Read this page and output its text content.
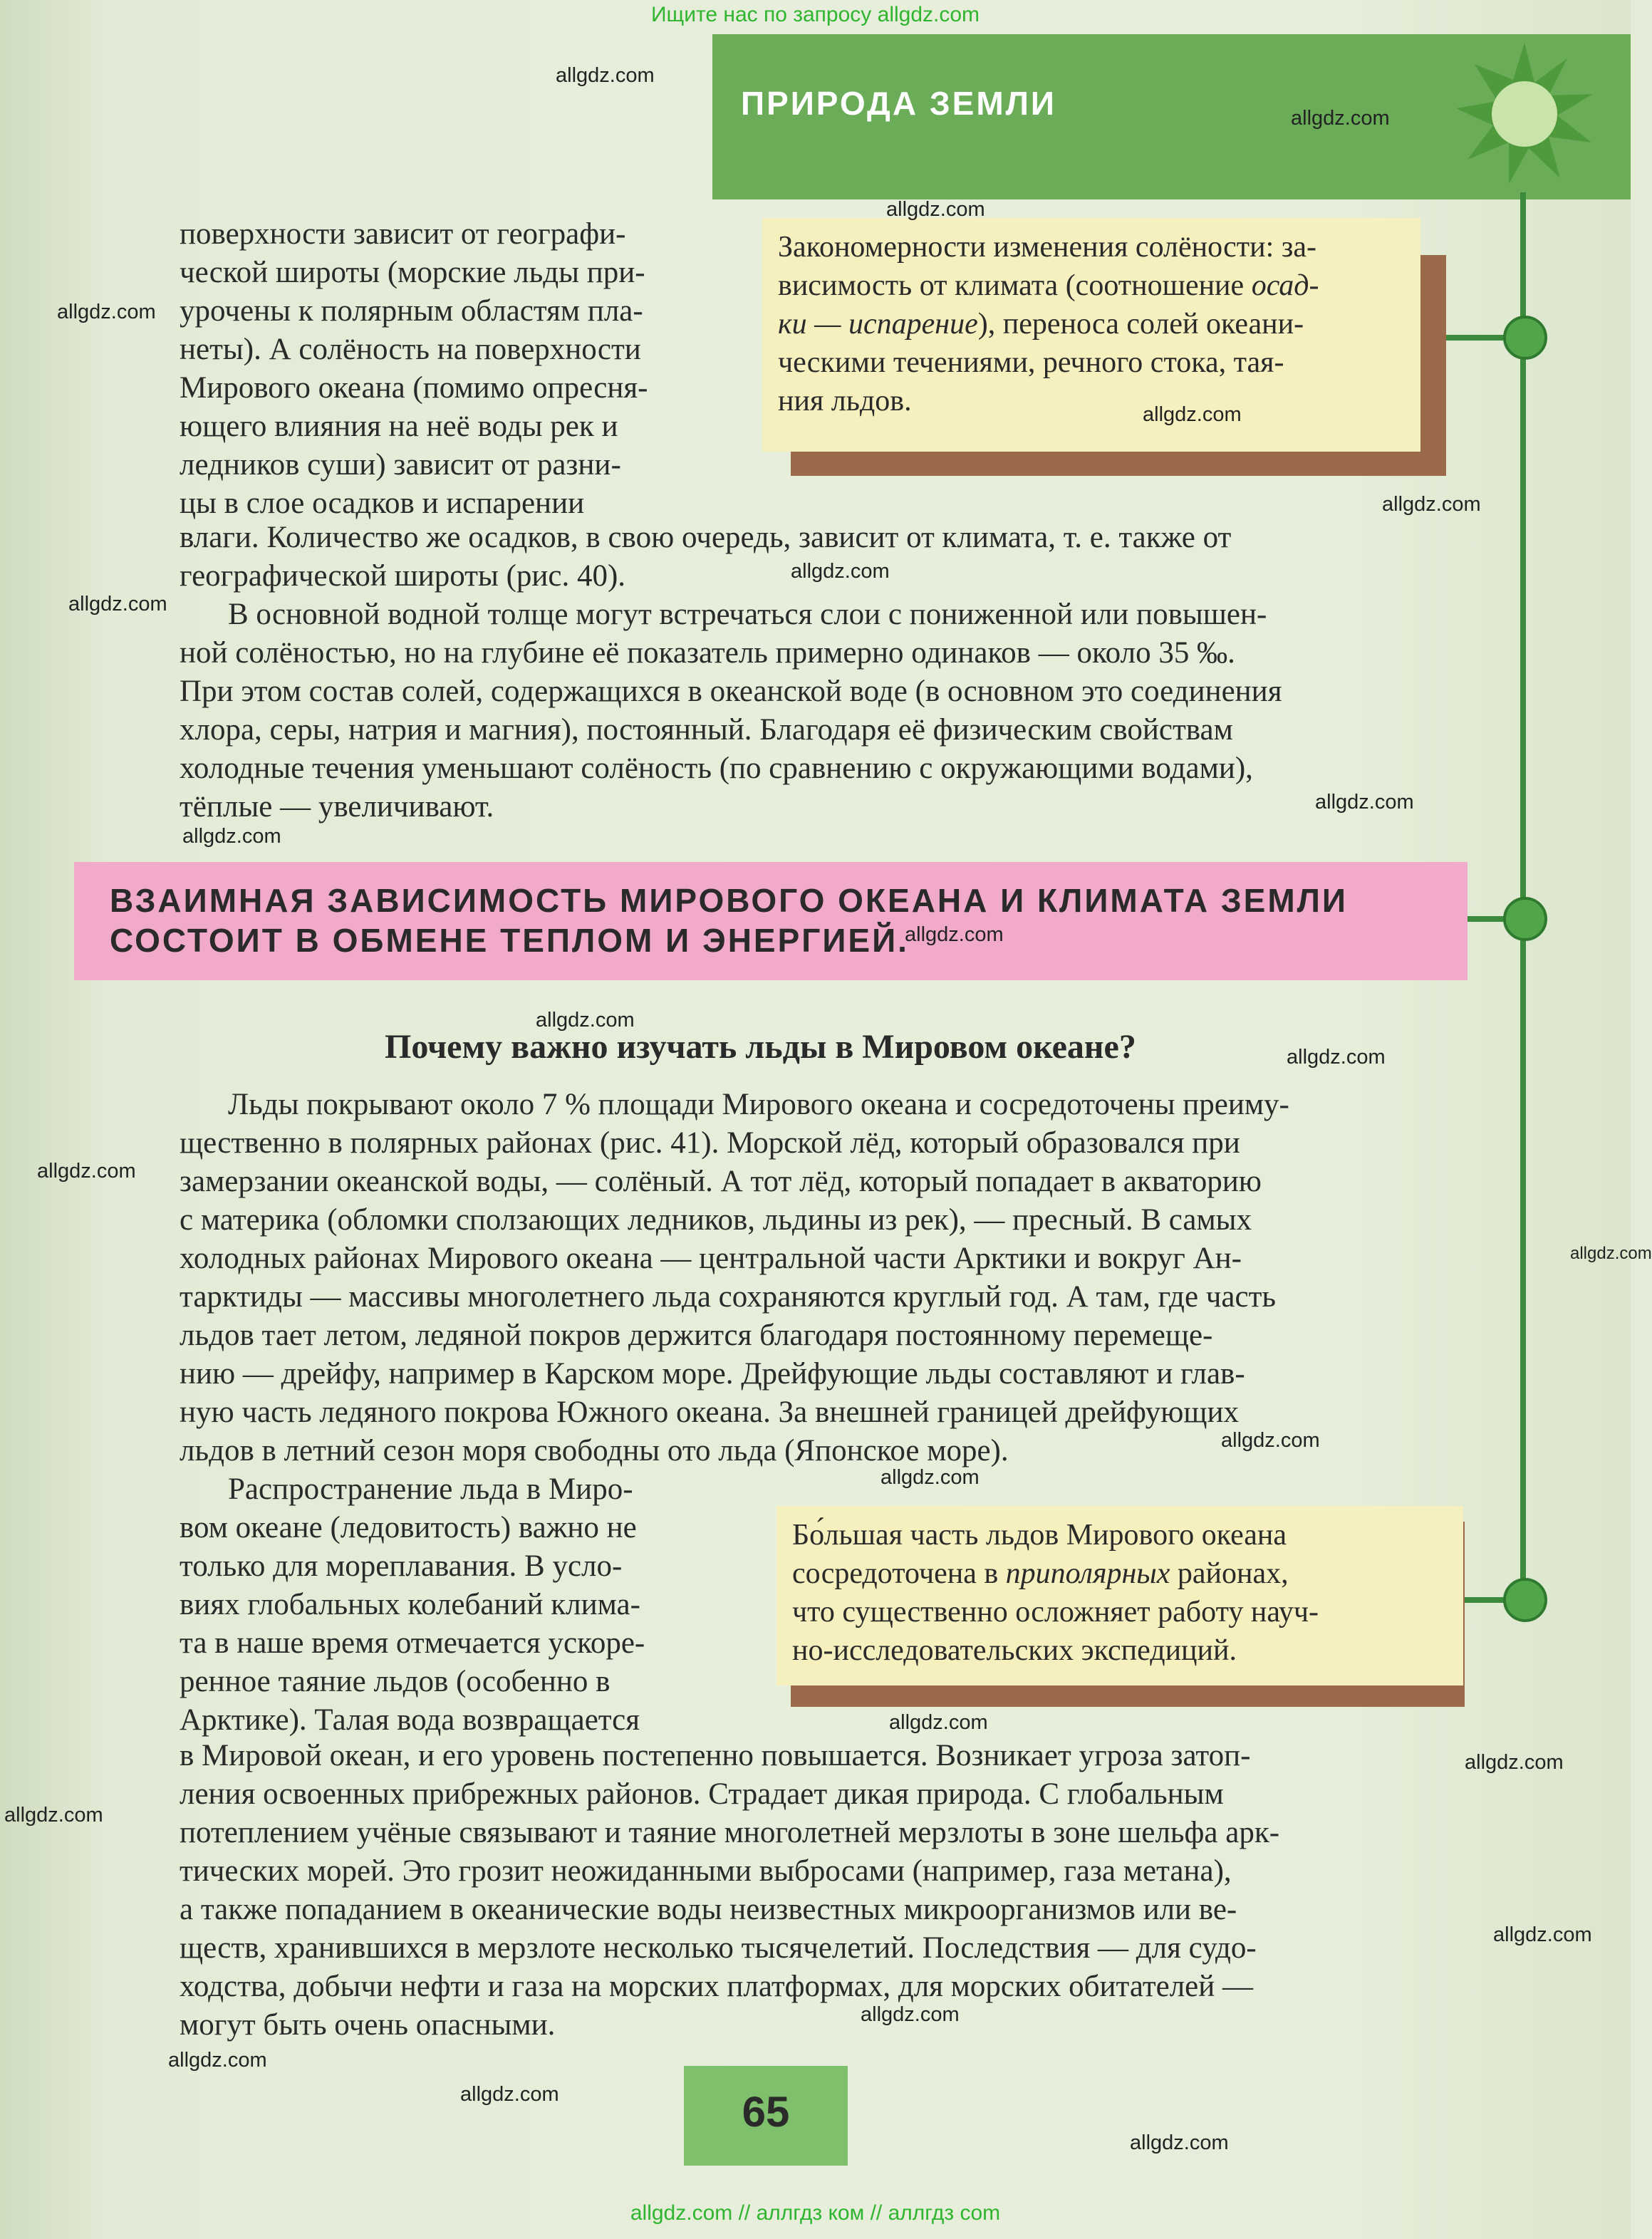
Ищите нас по запросу allgdz.com
ПРИРОДА ЗЕМЛИ

поверхности зависит от географи-

ческой широты (морские льды при-

урочены к полярным областям пла-

неты). А солёность на поверхности

Мирового океана (помимо опресня-

ющего влияния на неё воды рек и

ледников суши) зависит от разни-

цы в слое осадков и испарении

влаги. Количество же осадков, в свою очередь, зависит от климата, т. е. также от

географической широты (рис. 40).

Закономерности изменения солёности: за-
висимость от климата (соотношение осад-
ки — испарение), переноса солей океани-
ческими течениями, речного стока, тая-
ния льдов.

В основной водной толще могут встречаться слои с пониженной или повышен-

ной солёностью, но на глубине её показатель примерно одинаков — около 35 ‰.

При этом состав солей, содержащихся в океанской воде (в основном это соединения

хлора, серы, натрия и магния), постоянный. Благодаря её физическим свойствам

холодные течения уменьшают солёность (по сравнению с окружающими водами),

тёплые — увеличивают.

ВЗАИМНАЯ ЗАВИСИМОСТЬ МИРОВОГО ОКЕАНА И КЛИМАТА ЗЕМЛИ
СОСТОИТ В ОБМЕНЕ ТЕПЛОМ И ЭНЕРГИЕЙ.
Почему важно изучать льды в Мировом океане?

Льды покрывают около 7 % площади Мирового океана и сосредоточены преиму-

щественно в полярных районах (рис. 41). Морской лёд, который образовался при

замерзании океанской воды, — солёный. А тот лёд, который попадает в акваторию

с материка (обломки сползающих ледников, льдины из рек), — пресный. В самых

холодных районах Мирового океана — центральной части Арктики и вокруг Ан-

тарктиды — массивы многолетнего льда сохраняются круглый год. А там, где часть

льдов тает летом, ледяной покров держится благодаря постоянному перемеще-

нию — дрейфу, например в Карском море. Дрейфующие льды составляют и глав-

ную часть ледяного покрова Южного океана. За внешней границей дрейфующих

льдов в летний сезон моря свободны ото льда (Японское море).

Распространение льда в Миро-

вом океане (ледовитость) важно не

только для мореплавания. В усло-

виях глобальных колебаний клима-

та в наше время отмечается ускоре-

ренное таяние льдов (особенно в

Арктике). Талая вода возвращается

в Мировой океан, и его уровень постепенно повышается. Возникает угроза затоп-

ления освоенных прибрежных районов. Страдает дикая природа. С глобальным

потеплением учёные связывают и таяние многолетней мерзлоты в зоне шельфа арк-

тических морей. Это грозит неожиданными выбросами (например, газа метана),

а также попаданием в океанические воды неизвестных микроорганизмов или ве-

ществ, хранившихся в мерзлоте несколько тысячелетий. Последствия — для судо-

ходства, добычи нефти и газа на морских платформах, для морских обитателей —

могут быть очень опасными.

Бо́льшая часть льдов Мирового океана
сосредоточена в приполярных районах,
что существенно осложняет работу науч-
но-исследовательских экспедиций.
65
allgdz.com
allgdz.com
allgdz.com
allgdz.com
allgdz.com
allgdz.com
allgdz.com
allgdz.com
allgdz.com
allgdz.com
allgdz.com
allgdz.com
allgdz.com
allgdz.com
allgdz.com
allgdz.com
allgdz.com
allgdz.com
allgdz.com
allgdz.com
allgdz.com
allgdz.com
allgdz.com
allgdz.com
allgdz.com
allgdz.com // аллгдз ком // аллгдз com
